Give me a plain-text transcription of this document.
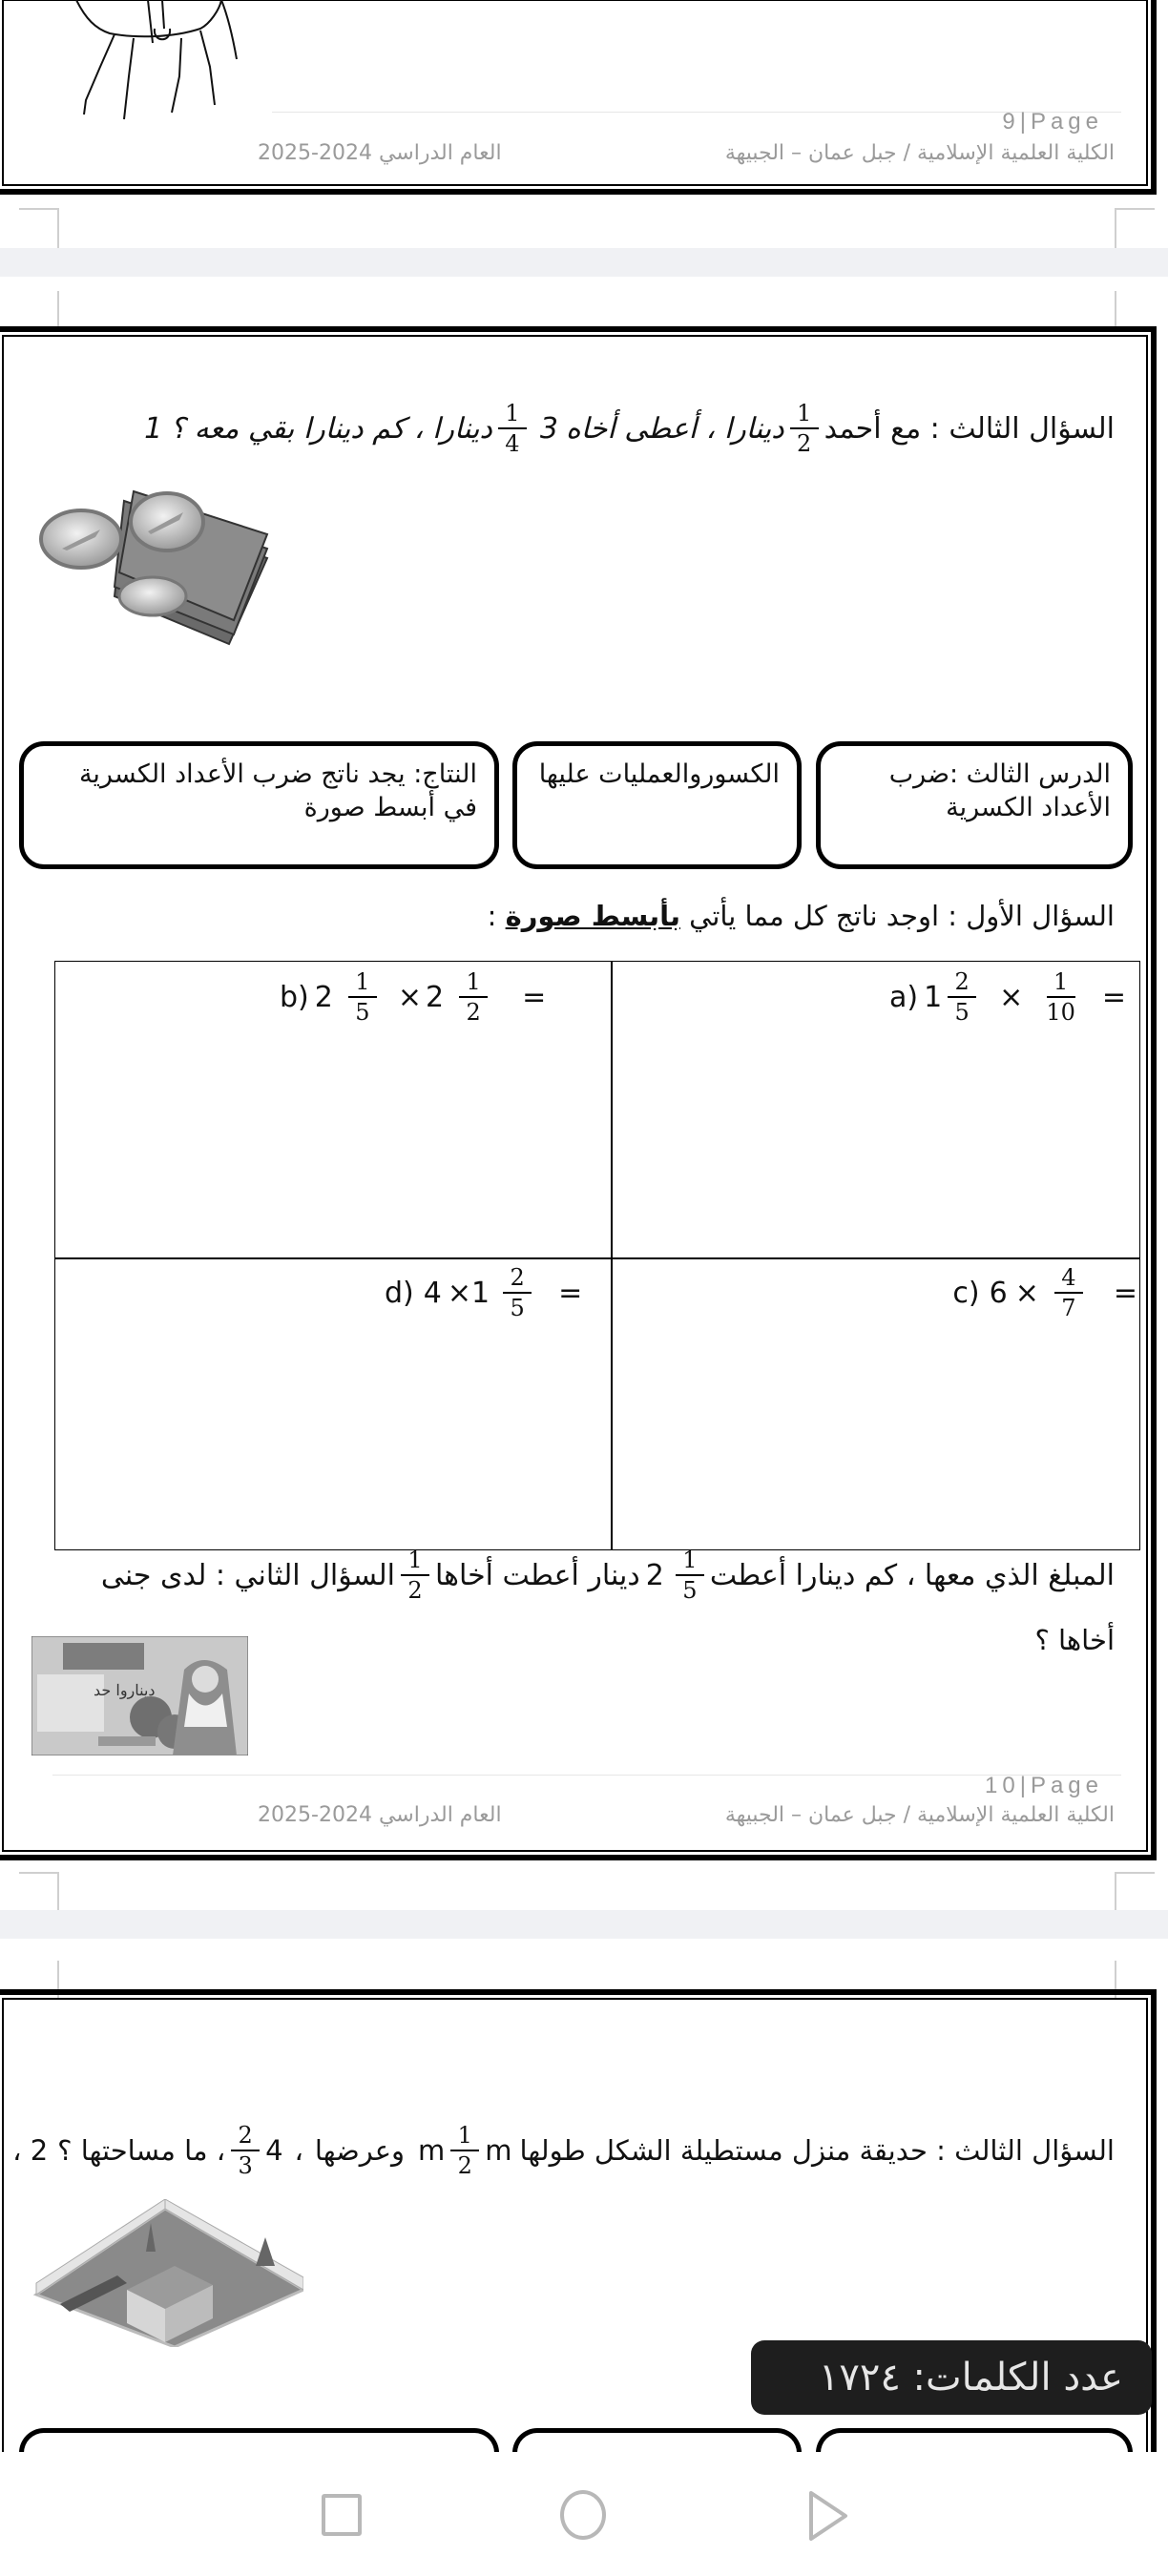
9|Page
الكلية العلمية الإسلامية / جبل عمان – الجبيهة
العام الدراسي 2024-2025
السؤال الثالث : مع أحمد
$\frac{1}{2}$
دينارا ، أعطى أخاه
3
$\frac{1}{4}$
دينارا ، كم دينارا بقي معه ؟
1
الدرس الثالث :ضرب الأعداد الكسرية
الكسوروالعمليات عليها
النتاج: يجد ناتج ضرب الأعداد الكسرية في أبسط صورة
السؤال الأول : اوجد ناتج كل مما يأتي بأبسط صورة :
a) $1 \frac{2}{5} \times \frac{1}{10}$ =
b) $2 \frac{1}{5} \times 2 \frac{1}{2}$ =
c) $6 \times \frac{4}{7}$ =
d) $4 \times 1 \frac{2}{5}$ =
المبلغ الذي معها ، كم دينارا أعطت
$\frac{1}{5}$
2
دينار أعطت أخاها
$\frac{1}{2}$
السؤال الثاني : لدى جنى
أخاها ؟
ديناروا حد
10|Page
الكلية العلمية الإسلامية / جبل عمان – الجبيهة
العام الدراسي 2024-2025
السؤال الثالث : حديقة منزل مستطيلة الشكل طولها
m
$\frac{1}{2}$
m
وعرضها
،
4
$\frac{2}{3}$
، ما مساحتها ؟
2 ،
عدد الكلمات: ١٧٢٤
